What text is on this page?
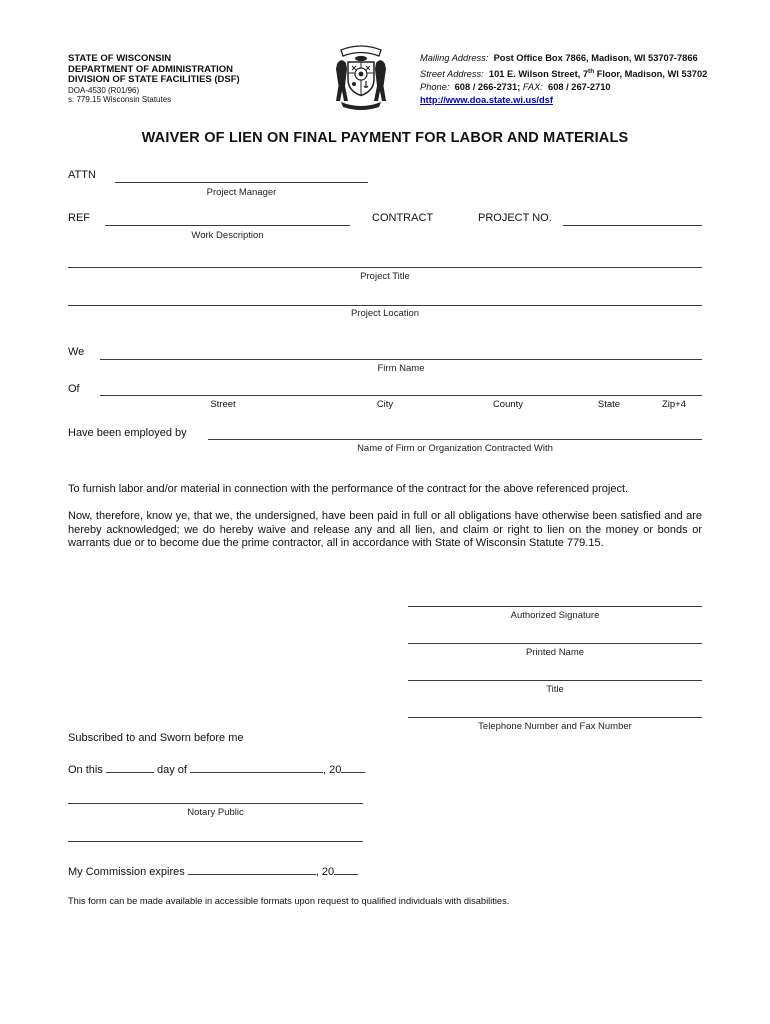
STATE OF WISCONSIN
DEPARTMENT OF ADMINISTRATION
DIVISION OF STATE FACILITIES (DSF)
DOA-4530 (R01/96)
s. 779.15 Wisconsin Statutes
Mailing Address: Post Office Box 7866, Madison, WI 53707-7866
Street Address: 101 E. Wilson Street, 7th Floor, Madison, WI 53702
Phone: 608 / 266-2731; FAX: 608 / 267-2710
http://www.doa.state.wi.us/dsf
WAIVER OF LIEN ON FINAL PAYMENT FOR LABOR AND MATERIALS
ATTN
Project Manager
REF
Work Description
CONTRACT	PROJECT NO.
Project Title
Project Location
We
Firm Name
Of
Street	City	County	State	Zip+4
Have been employed by
Name of Firm or Organization Contracted With
To furnish labor and/or material in connection with the performance of the contract for the above referenced project.
Now, therefore, know ye, that we, the undersigned, have been paid in full or all obligations have otherwise been satisfied and are hereby acknowledged; we do hereby waive and release any and all lien, and claim or right to lien on the money or bonds or warrants due or to become due the prime contractor, all in accordance with State of Wisconsin Statute 779.15.
Authorized Signature
Printed Name
Title
Telephone Number and Fax Number
Subscribed to and Sworn before me
On this	day of	, 20
Notary Public
My Commission expires	, 20
This form can be made available in accessible formats upon request to qualified individuals with disabilities.
